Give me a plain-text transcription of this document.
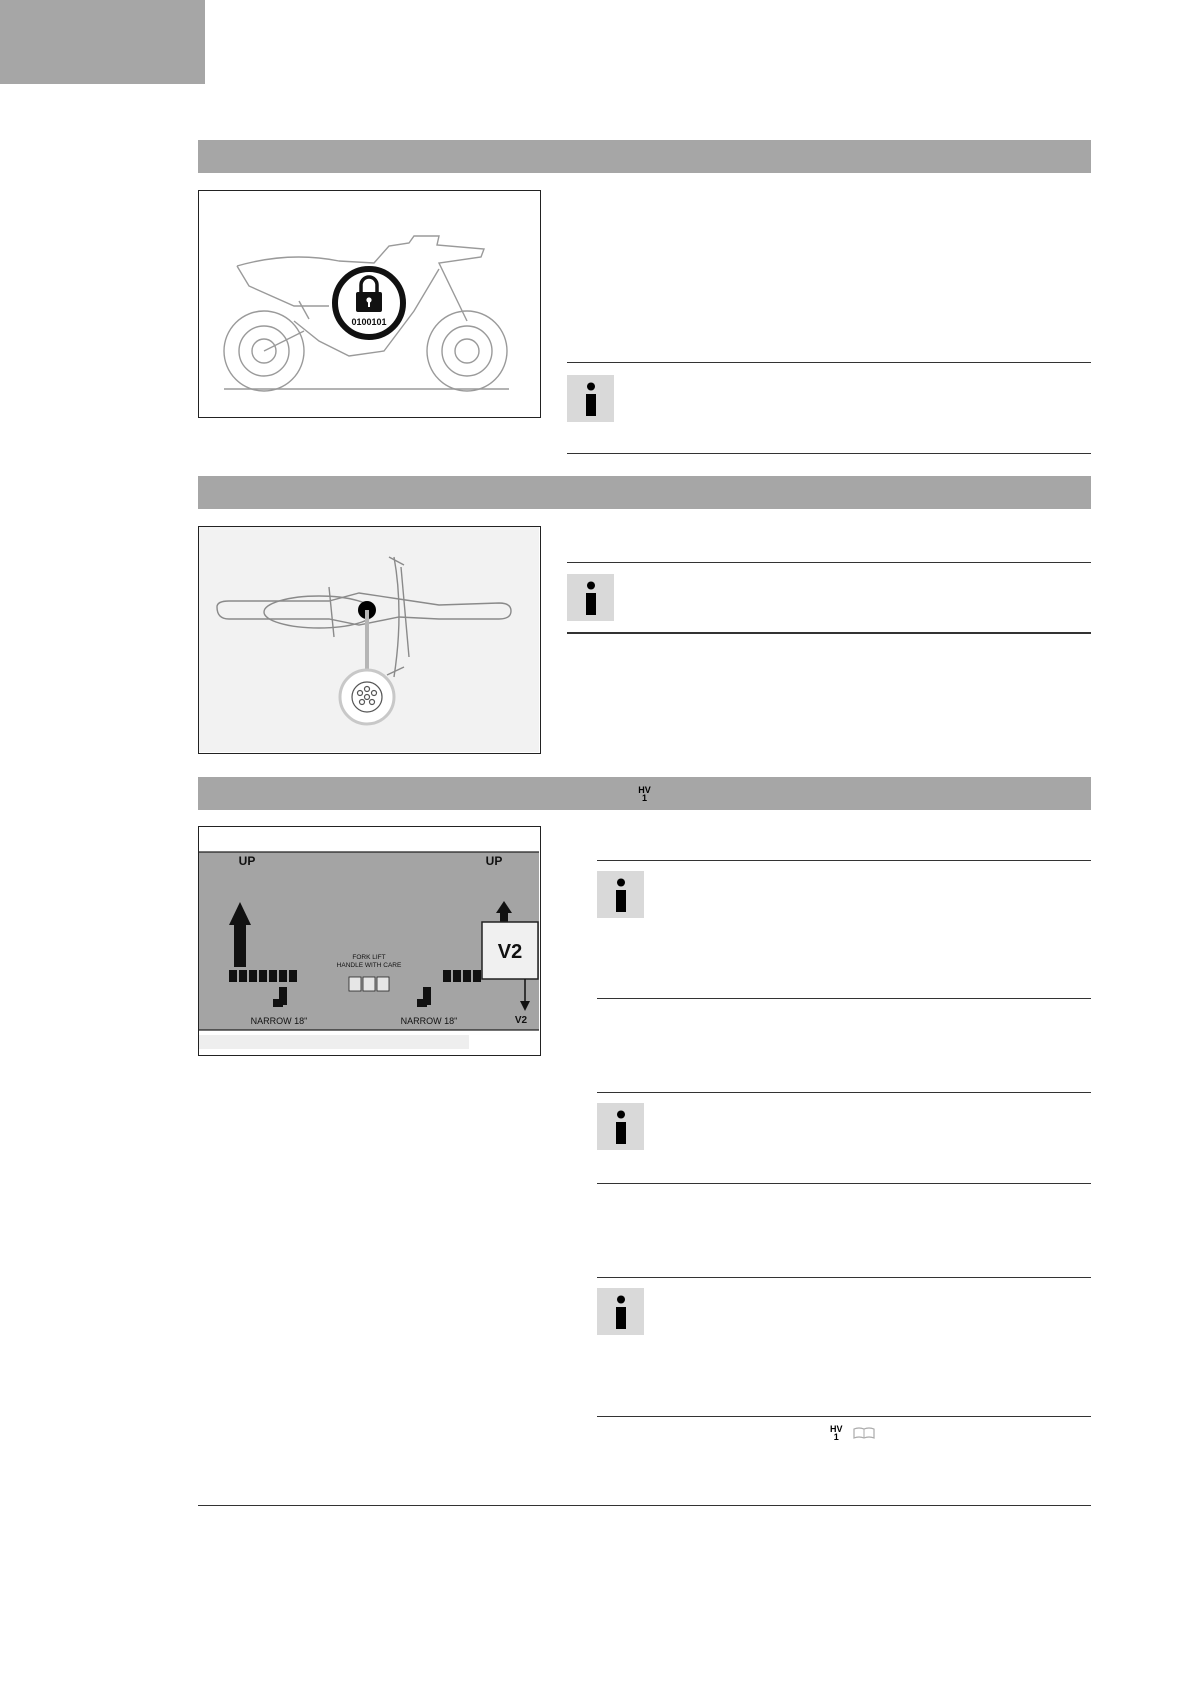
0100101
HV
1
UP	UP
V2
V2
FORK LIFT
HANDLE WITH CARE
NARROW 18"	NARROW 18"
HV
1
